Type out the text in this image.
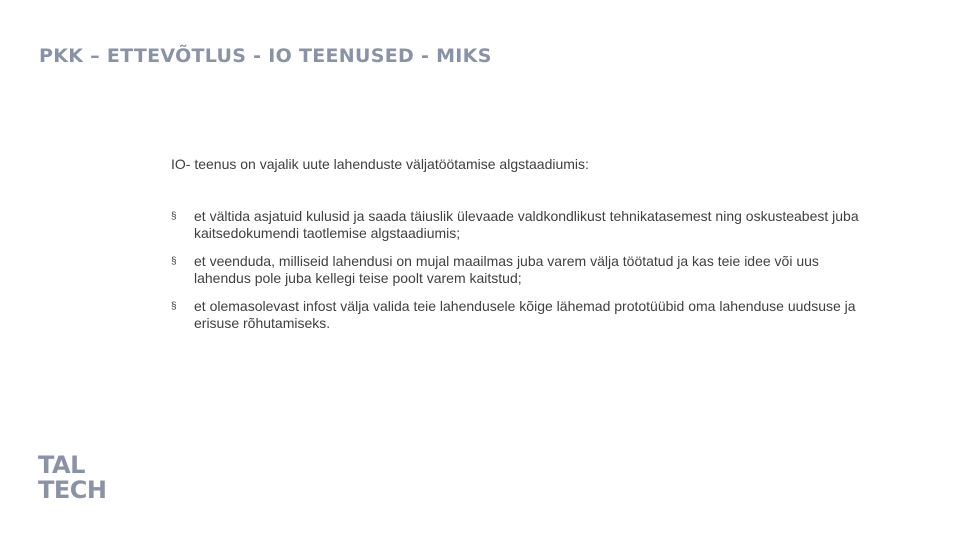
PKK – ETTEVÕTLUS - IO TEENUSED - MIKS

IO- teenus on vajalik uute lahenduste väljatöötamise algstaadiumis:

§ et vältida asjatuid kulusid ja saada täiuslik ülevaade valdkondlikust tehnikatasemest ning oskusteabest juba kaitsedokumendi taotlemise algstaadiumis;
§ et veenduda, milliseid lahendusi on mujal maailmas juba varem välja töötatud ja kas teie idee või uus lahendus pole juba kellegi teise poolt varem kaitstud;
§ et olemasolevast infost välja valida teie lahendusele kõige lähemad prototüübid oma lahenduse uudsuse ja erisuse rõhutamiseks.
TAL
TECH
